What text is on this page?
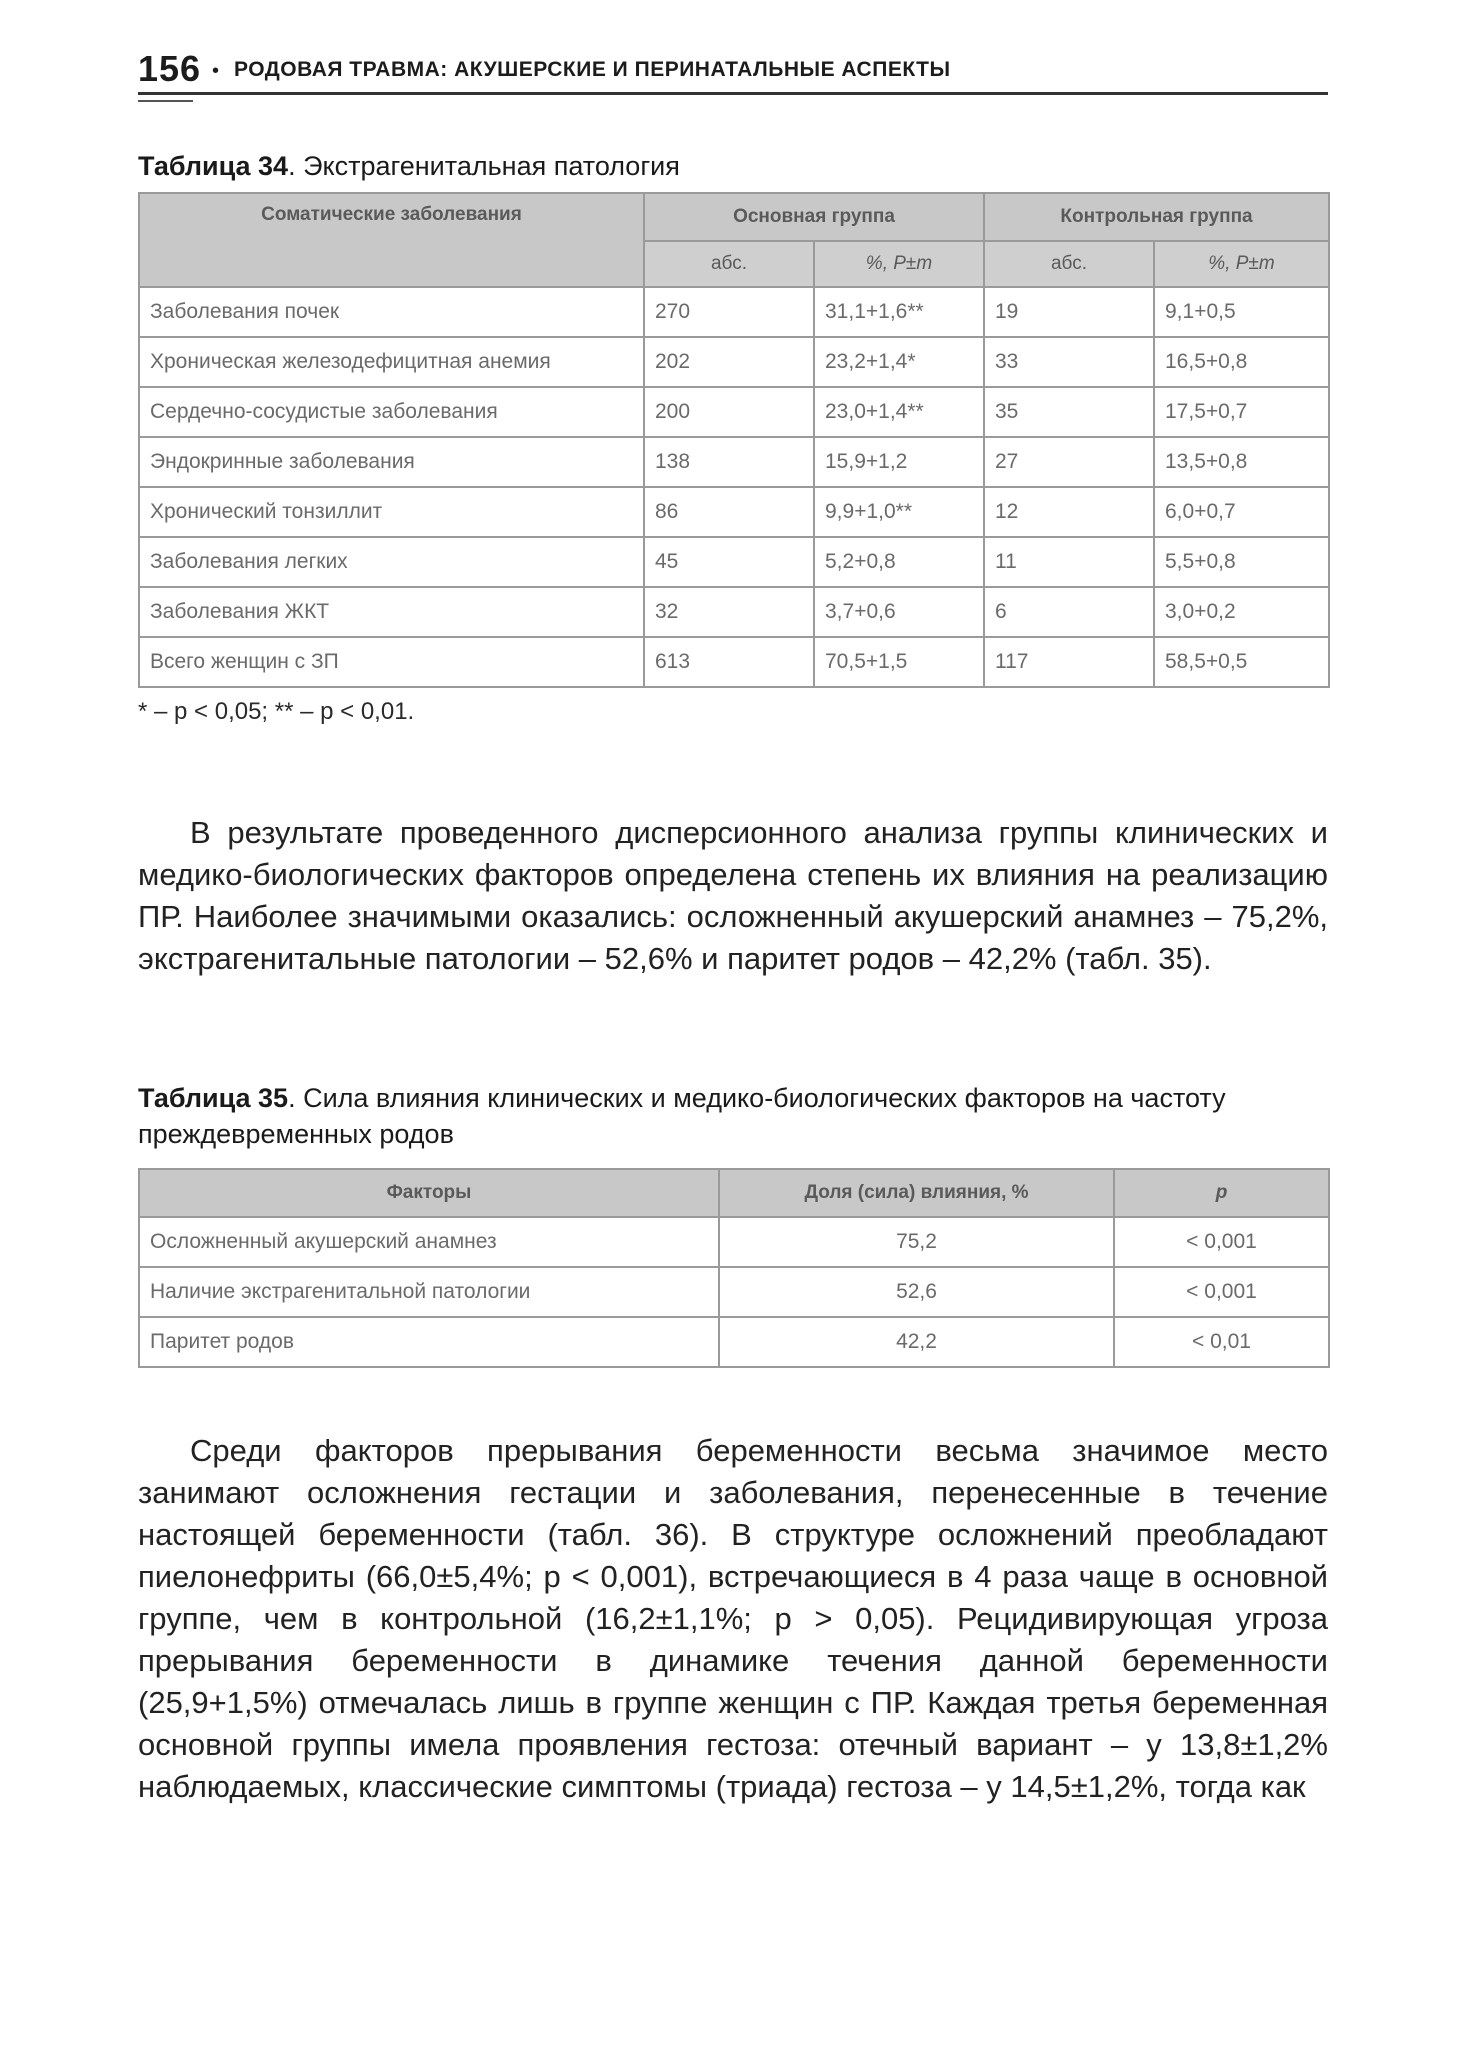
156 • РОДОВАЯ ТРАВМА: АКУШЕРСКИЕ И ПЕРИНАТАЛЬНЫЕ АСПЕКТЫ
Таблица 34. Экстрагенитальная патология
Соматические заболевания	Основная группа		Контрольная группа	
	абс.	%, P±m	абс.	%, P±m
Заболевания почек	270	31,1+1,6**	19	9,1+0,5
Хроническая железодефицитная анемия	202	23,2+1,4*	33	16,5+0,8
Сердечно-сосудистые заболевания	200	23,0+1,4**	35	17,5+0,7
Эндокринные заболевания	138	15,9+1,2	27	13,5+0,8
Хронический тонзиллит	86	9,9+1,0**	12	6,0+0,7
Заболевания легких	45	5,2+0,8	11	5,5+0,8
Заболевания ЖКТ	32	3,7+0,6	6	3,0+0,2
Всего женщин с ЗП	613	70,5+1,5	117	58,5+0,5
* – p < 0,05; ** – p < 0,01.

В результате проведенного дисперсионного анализа группы клинических и медико-биологических факторов определена степень их влияния на реализацию ПР. Наиболее значимыми оказались: осложненный акушерский анамнез – 75,2%, экстрагенитальные патологии – 52,6% и паритет родов – 42,2% (табл. 35).

Таблица 35. Сила влияния клинических и медико-биологических факторов на частоту преждевременных родов
Факторы	Доля (сила) влияния, %	p
Осложненный акушерский анамнез	75,2	< 0,001
Наличие экстрагенитальной патологии	52,6	< 0,001
Паритет родов	42,2	< 0,01

Среди факторов прерывания беременности весьма значимое место занимают осложнения гестации и заболевания, перенесенные в течение настоящей беременности (табл. 36). В структуре осложнений преобладают пиелонефриты (66,0±5,4%; p < 0,001), встречающиеся в 4 раза чаще в основной группе, чем в контрольной (16,2±1,1%; p > 0,05). Рецидивирующая угроза прерывания беременности в динамике течения данной беременности (25,9+1,5%) отмечалась лишь в группе женщин с ПР. Каждая третья беременная основной группы имела проявления гестоза: отечный вариант – у 13,8±1,2% наблюдаемых, классические симптомы (триада) гестоза – у 14,5±1,2%, тогда как
